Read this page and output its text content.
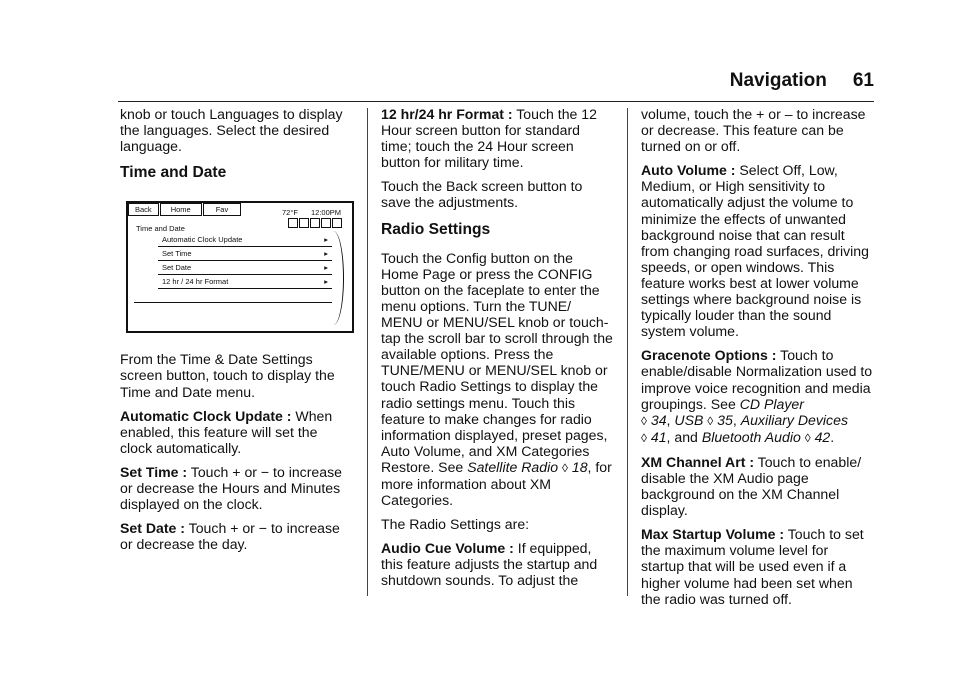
Navigation 61

knob or touch Languages to display the languages. Select the desired language.

Time and Date
Back	Home	Fav	72°F 12:00PM
Time and Date
Automatic Clock Update	▸
Set Time	▸
Set Date	▸
12 hr / 24 hr Format	▸

From the Time & Date Settings screen button, touch to display the Time and Date menu.

Automatic Clock Update : When enabled, this feature will set the clock automatically.

Set Time : Touch + or − to increase or decrease the Hours and Minutes displayed on the clock.

Set Date : Touch + or − to increase or decrease the day.

12 hr/24 hr Format : Touch the 12 Hour screen button for standard time; touch the 24 Hour screen button for military time.

Touch the Back screen button to save the adjustments.

Radio Settings

Touch the Config button on the Home Page or press the CONFIG button on the faceplate to enter the menu options. Turn the TUNE/ MENU or MENU/SEL knob or touch-tap the scroll bar to scroll through the available options. Press the TUNE/MENU or MENU/SEL knob or touch Radio Settings to display the radio settings menu. Touch this feature to make changes for radio information displayed, preset pages, Auto Volume, and XM Categories Restore. See Satellite Radio ◊ 18, for more information about XM Categories.

The Radio Settings are:

Audio Cue Volume : If equipped, this feature adjusts the startup and shutdown sounds. To adjust the

volume, touch the + or – to increase or decrease. This feature can be turned on or off.

Auto Volume : Select Off, Low, Medium, or High sensitivity to automatically adjust the volume to minimize the effects of unwanted background noise that can result from changing road surfaces, driving speeds, or open windows. This feature works best at lower volume settings where background noise is typically louder than the sound system volume.

Gracenote Options : Touch to enable/disable Normalization used to improve voice recognition and media groupings. See CD Player
◊ 34, USB ◊ 35, Auxiliary Devices
◊ 41, and Bluetooth Audio ◊ 42.

XM Channel Art : Touch to enable/ disable the XM Audio page background on the XM Channel display.

Max Startup Volume : Touch to set the maximum volume level for startup that will be used even if a higher volume had been set when the radio was turned off.
